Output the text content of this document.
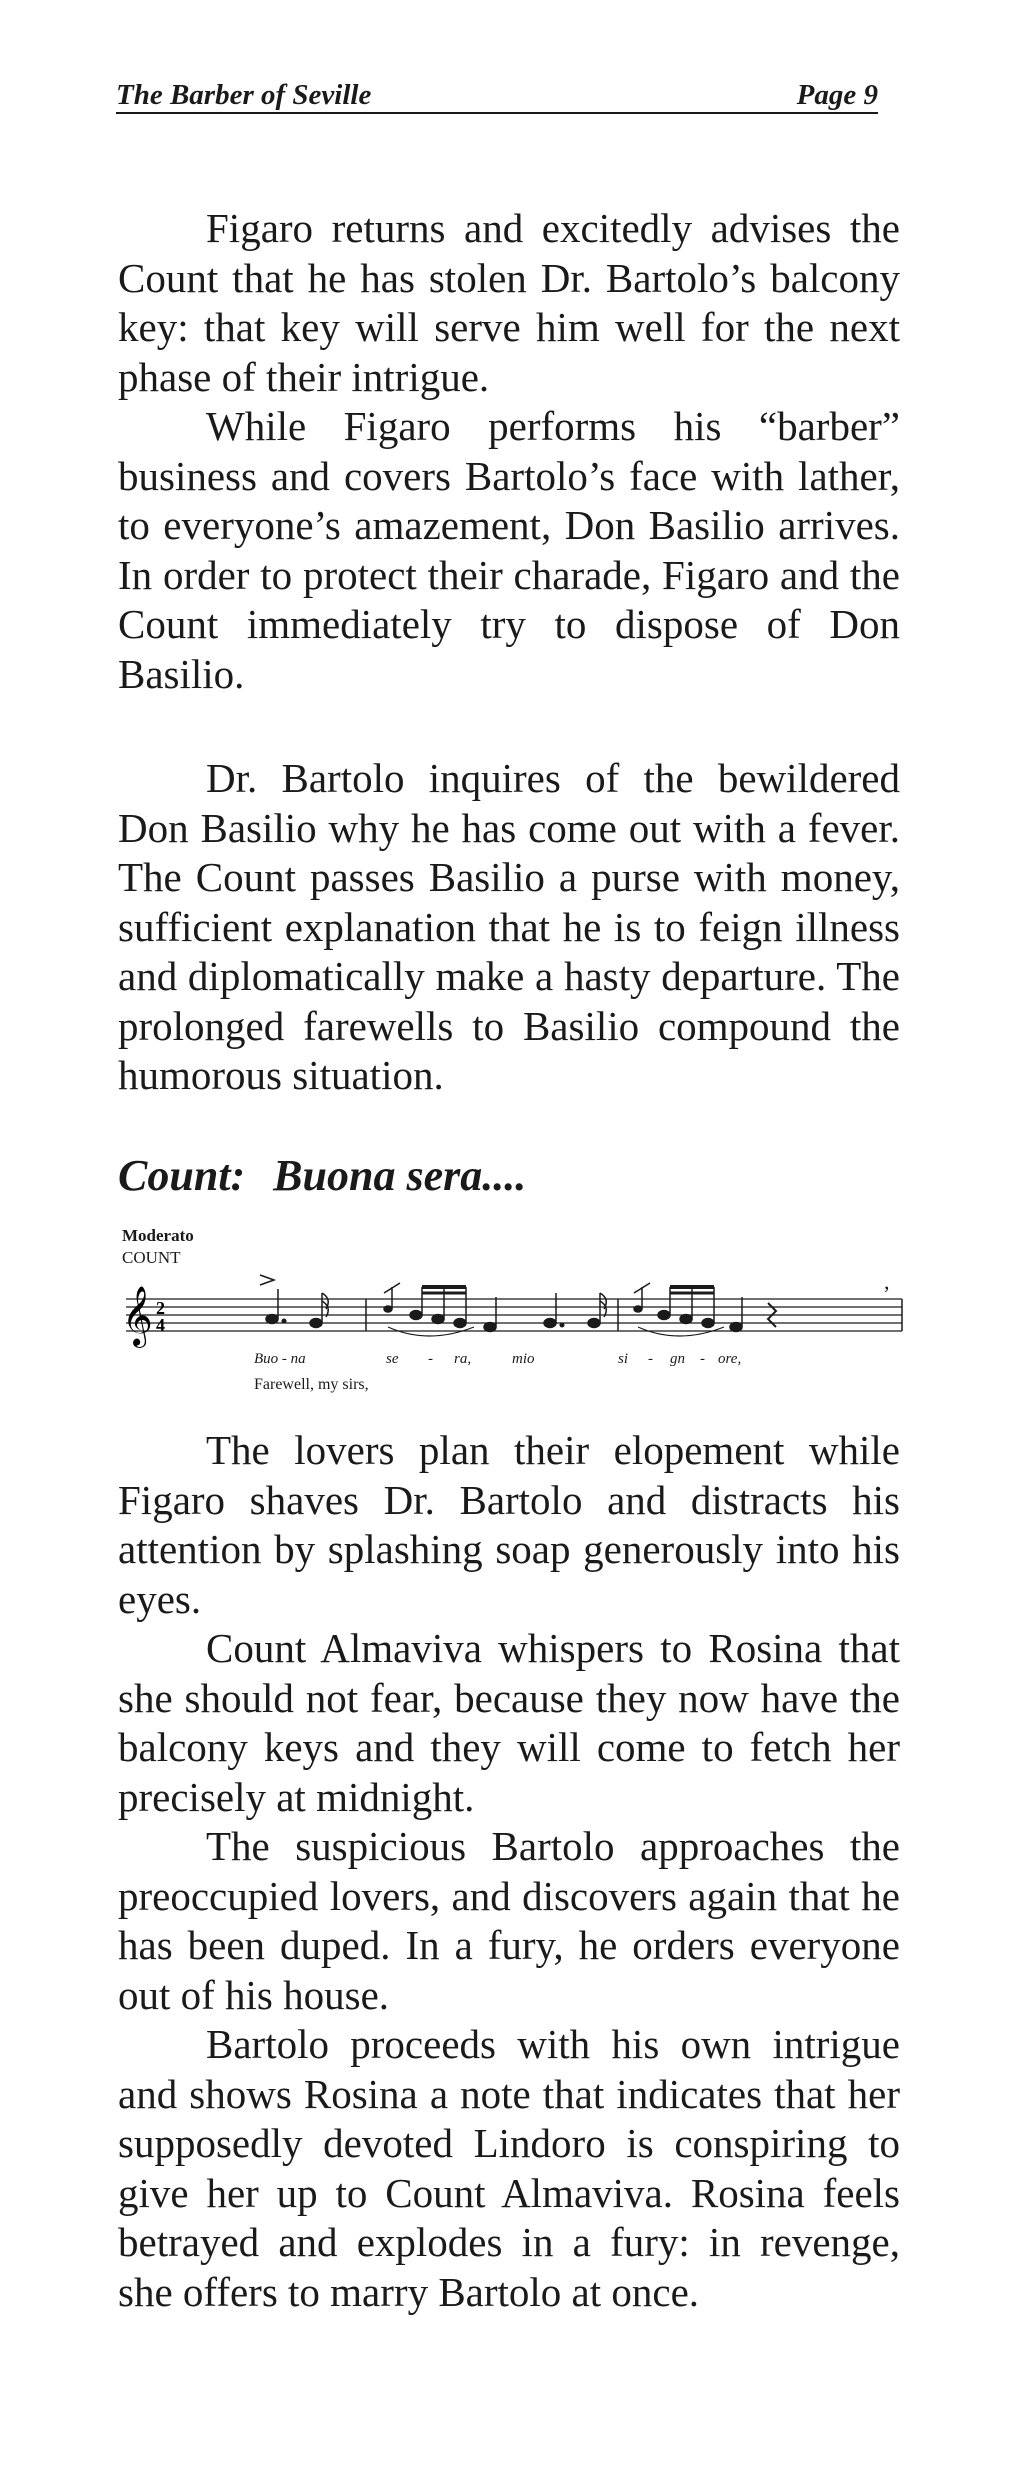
The Barber of Seville	Page 9

Figaro returns and excitedly advises the Count that he has stolen Dr. Bartolo’s balcony key: that key will serve him well for the next phase of their intrigue.

While Figaro performs his “barber” business and covers Bartolo’s face with lather, to everyone’s amazement, Don Basilio arrives. In order to protect their charade, Figaro and the Count immediately try to dispose of Don Basilio.

Dr. Bartolo inquires of the bewildered Don Basilio why he has come out with a fever. The Count passes Basilio a purse with money, sufficient explanation that he is to feign illness and diplomatically make a hasty departure. The prolonged farewells to Basilio compound the humorous situation.

Count: Buona sera....
Moderato
COUNT
𝄞 2
4
,
Buo - na	se - ra,	mio	si - gn - ore,
Farewell, my sirs,

The lovers plan their elopement while Figaro shaves Dr. Bartolo and distracts his attention by splashing soap generously into his eyes.

Count Almaviva whispers to Rosina that she should not fear, because they now have the balcony keys and they will come to fetch her precisely at midnight.

The suspicious Bartolo approaches the preoccupied lovers, and discovers again that he has been duped. In a fury, he orders everyone out of his house.

Bartolo proceeds with his own intrigue and shows Rosina a note that indicates that her supposedly devoted Lindoro is conspiring to give her up to Count Almaviva. Rosina feels betrayed and explodes in a fury: in revenge, she offers to marry Bartolo at once.
